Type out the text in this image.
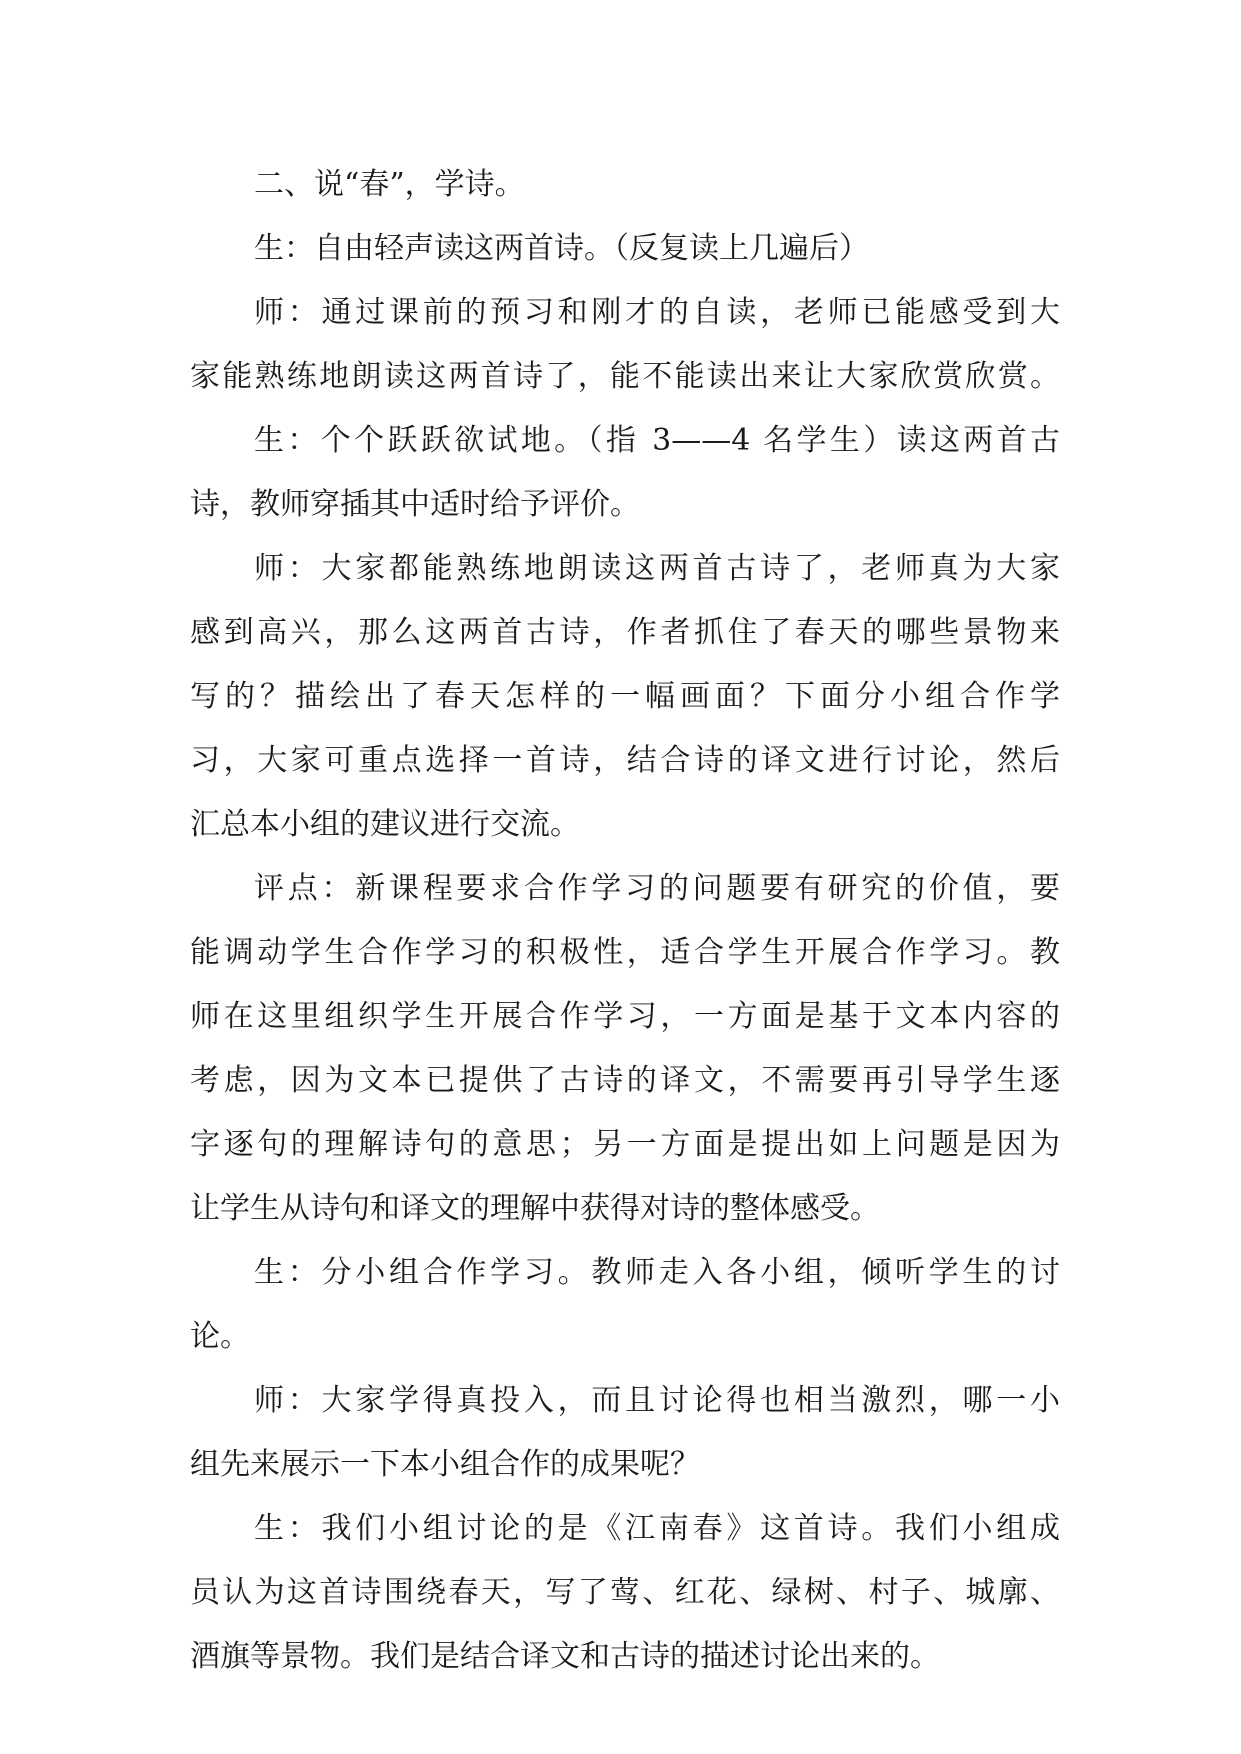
二、说“春”，学诗。
生：自由轻声读这两首诗。（反复读上几遍后）
师：通过课前的预习和刚才的自读，老师已能感受到大
家能熟练地朗读这两首诗了，能不能读出来让大家欣赏欣赏。
生：个个跃跃欲试地。（指 3——4 名学生）读这两首古
诗，教师穿插其中适时给予评价。
师：大家都能熟练地朗读这两首古诗了，老师真为大家
感到高兴，那么这两首古诗，作者抓住了春天的哪些景物来
写的？描绘出了春天怎样的一幅画面？下面分小组合作学
习，大家可重点选择一首诗，结合诗的译文进行讨论，然后
汇总本小组的建议进行交流。
评点：新课程要求合作学习的问题要有研究的价值，要
能调动学生合作学习的积极性，适合学生开展合作学习。教
师在这里组织学生开展合作学习，一方面是基于文本内容的
考虑，因为文本已提供了古诗的译文，不需要再引导学生逐
字逐句的理解诗句的意思；另一方面是提出如上问题是因为
让学生从诗句和译文的理解中获得对诗的整体感受。
生：分小组合作学习。教师走入各小组，倾听学生的讨
论。
师：大家学得真投入，而且讨论得也相当激烈，哪一小
组先来展示一下本小组合作的成果呢？
生：我们小组讨论的是《江南春》这首诗。我们小组成
员认为这首诗围绕春天，写了莺、红花、绿树、村子、城廓、
酒旗等景物。我们是结合译文和古诗的描述讨论出来的。
